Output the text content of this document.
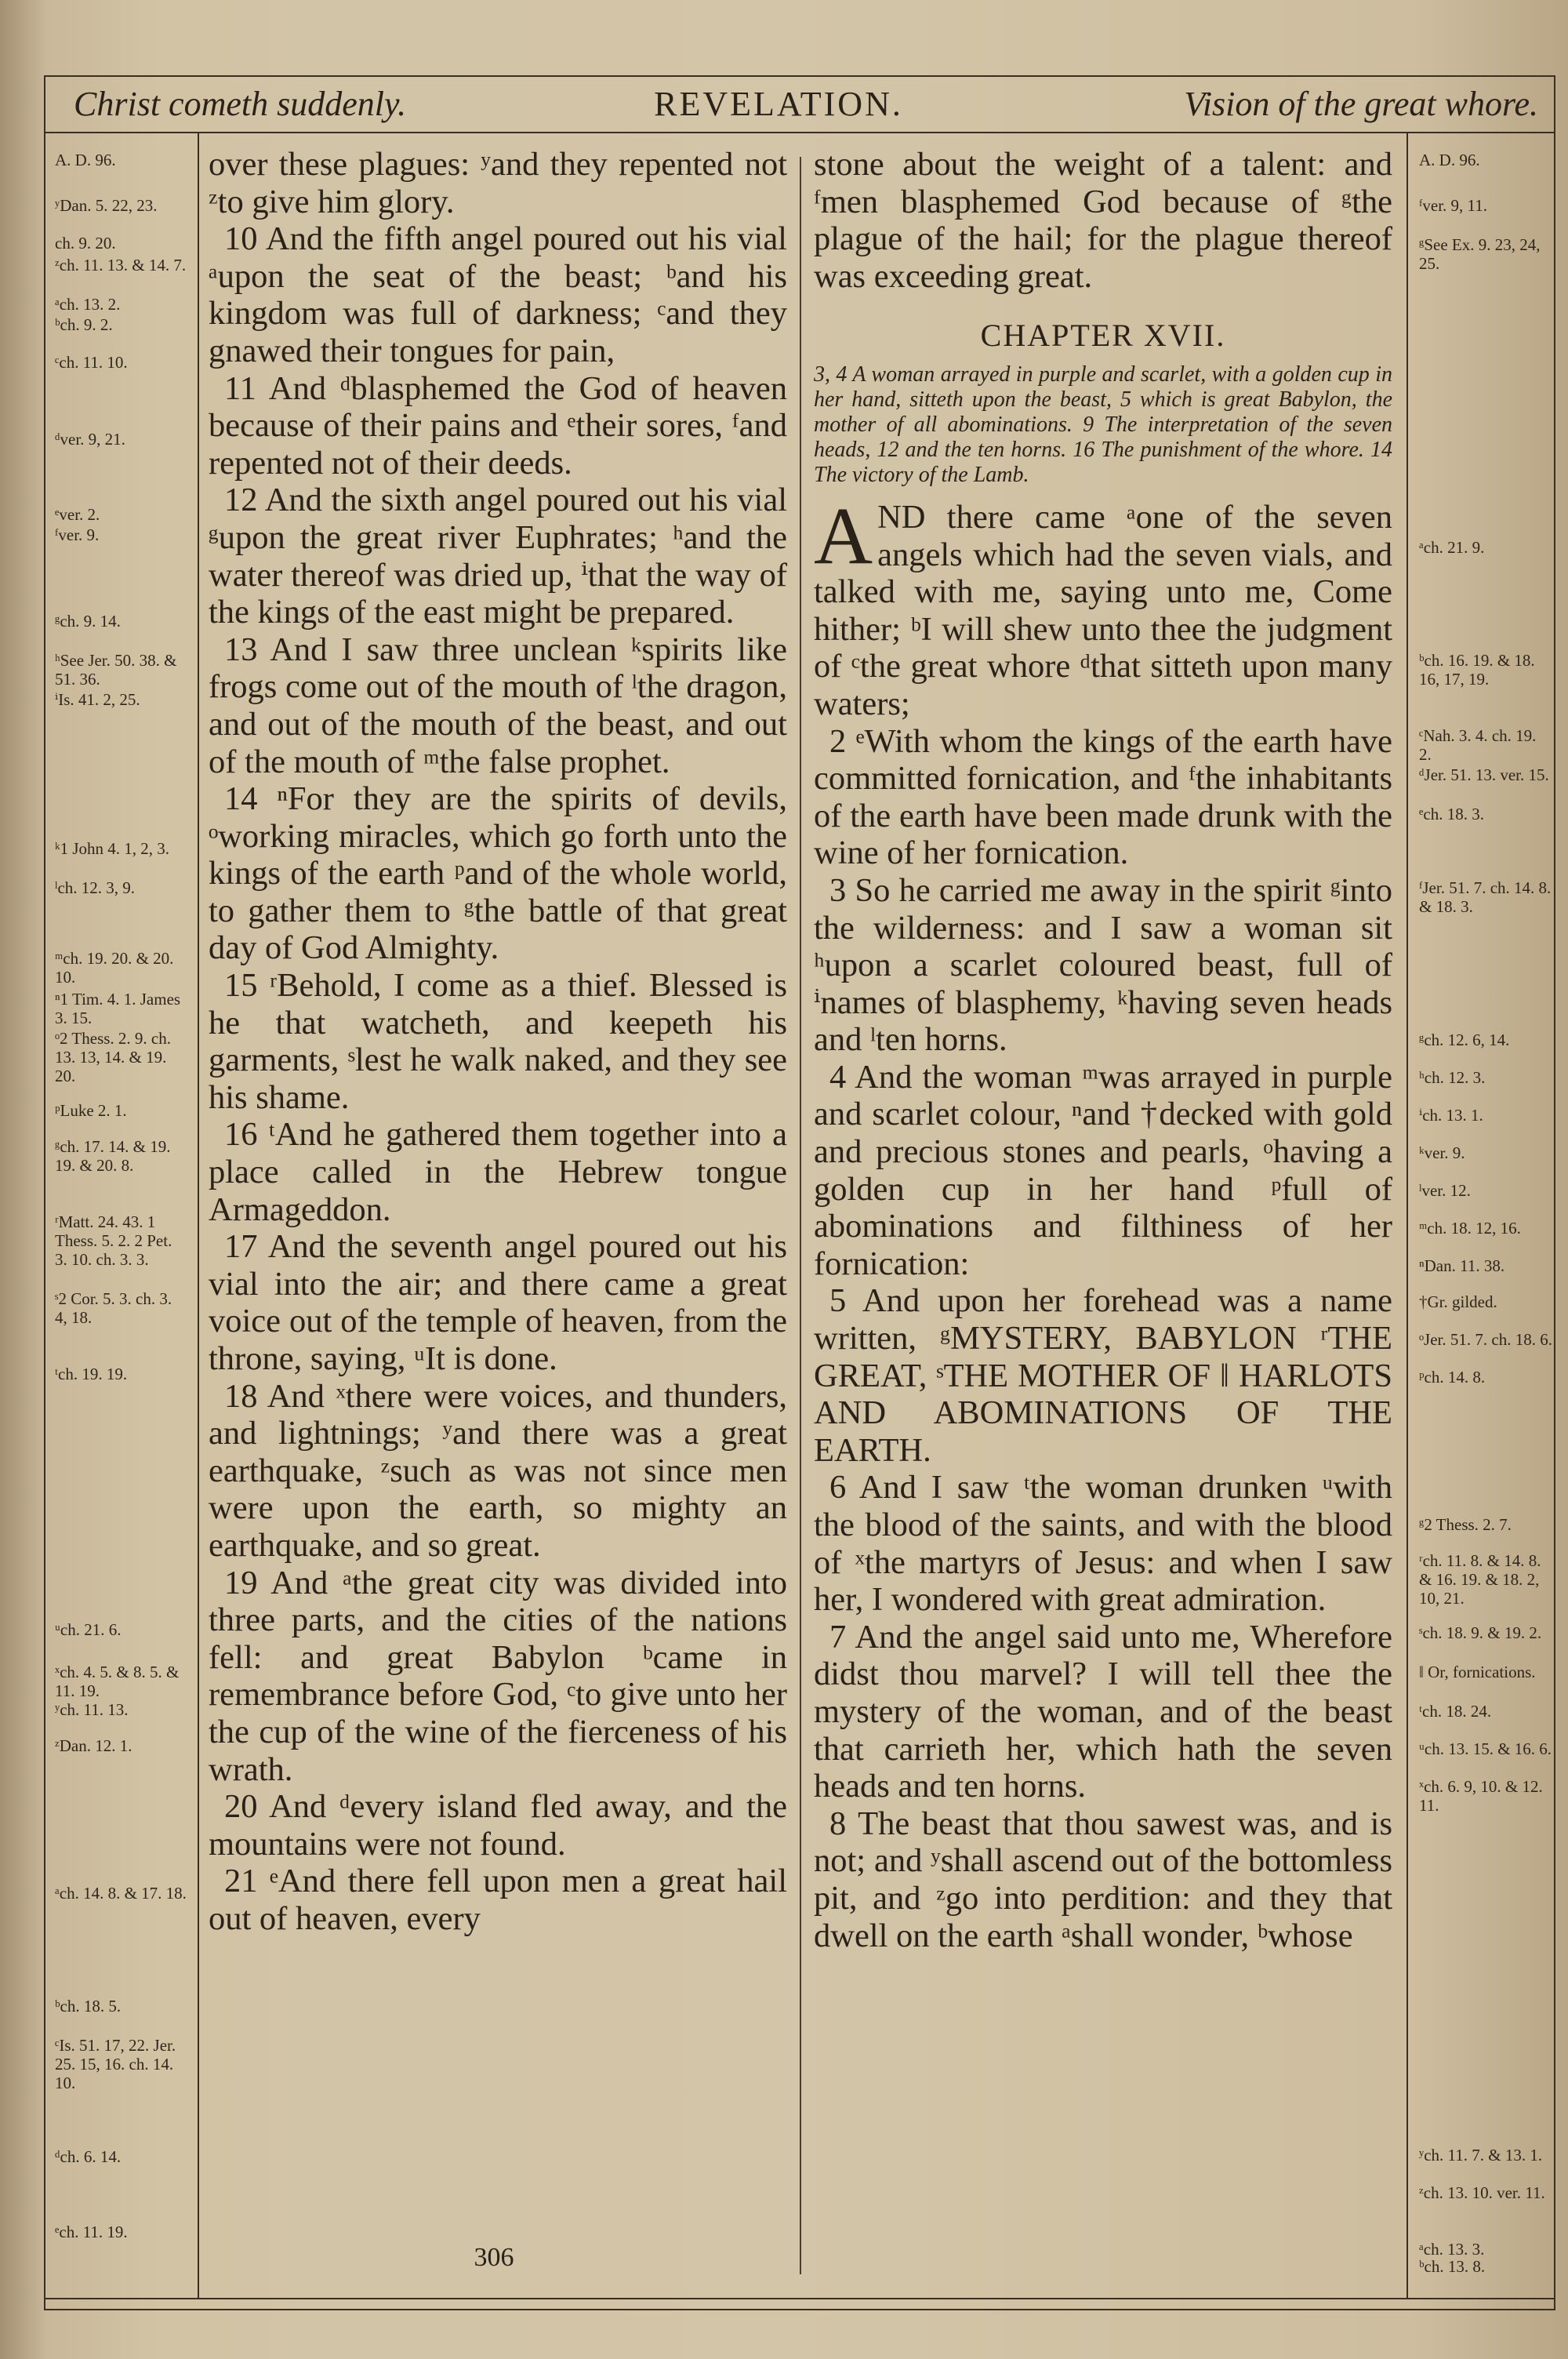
Christ cometh suddenly.	REVELATION.	Vision of the great whore.
A. D. 96.
ʸDan. 5. 22, 23.
ch. 9. 20.
ᶻch. 11. 13. & 14. 7.
ᵃch. 13. 2.
ᵇch. 9. 2.
ᶜch. 11. 10.
ᵈver. 9, 21.
ᵉver. 2.
ᶠver. 9.
ᵍch. 9. 14.
ʰSee Jer. 50. 38. & 51. 36.
ⁱIs. 41. 2, 25.
ᵏ1 John 4. 1, 2, 3.
ˡch. 12. 3, 9.
ᵐch. 19. 20. & 20. 10.
ⁿ1 Tim. 4. 1. James 3. 15.
ᵒ2 Thess. 2. 9. ch. 13. 13, 14. & 19. 20.
ᵖLuke 2. 1.
ᵍch. 17. 14. & 19. 19. & 20. 8.
ʳMatt. 24. 43. 1 Thess. 5. 2. 2 Pet. 3. 10. ch. 3. 3.
ˢ2 Cor. 5. 3. ch. 3. 4, 18.
ᵗch. 19. 19.
ᵘch. 21. 6.
ˣch. 4. 5. & 8. 5. & 11. 19.
ʸch. 11. 13.
ᶻDan. 12. 1.
ᵃch. 14. 8. & 17. 18.
ᵇch. 18. 5.
ᶜIs. 51. 17, 22. Jer. 25. 15, 16. ch. 14. 10.
ᵈch. 6. 14.
ᵉch. 11. 19.
A. D. 96.
ᶠver. 9, 11.
ᵍSee Ex. 9. 23, 24, 25.
ᵃch. 21. 9.
ᵇch. 16. 19. & 18. 16, 17, 19.
ᶜNah. 3. 4. ch. 19. 2.
ᵈJer. 51. 13. ver. 15.
ᵉch. 18. 3.
ᶠJer. 51. 7. ch. 14. 8. & 18. 3.
ᵍch. 12. 6, 14.
ʰch. 12. 3.
ⁱch. 13. 1.
ᵏver. 9.
ˡver. 12.
ᵐch. 18. 12, 16.
ⁿDan. 11. 38.
†Gr. gilded.
ᵒJer. 51. 7. ch. 18. 6.
ᵖch. 14. 8.
ᵍ2 Thess. 2. 7.
ʳch. 11. 8. & 14. 8. & 16. 19. & 18. 2, 10, 21.
ˢch. 18. 9. & 19. 2.
‖ Or, fornications.
ᵗch. 18. 24.
ᵘch. 13. 15. & 16. 6.
ˣch. 6. 9, 10. & 12. 11.
ʸch. 11. 7. & 13. 1.
ᶻch. 13. 10. ver. 11.
ᵃch. 13. 3.
ᵇch. 13. 8.

over these plagues: ʸand they repented not ᶻto give him glory.

10 And the fifth angel poured out his vial ᵃupon the seat of the beast; ᵇand his kingdom was full of darkness; ᶜand they gnawed their tongues for pain,

11 And ᵈblasphemed the God of heaven because of their pains and ᵉtheir sores, ᶠand repented not of their deeds.

12 And the sixth angel poured out his vial ᵍupon the great river Euphrates; ʰand the water thereof was dried up, ⁱthat the way of the kings of the east might be prepared.

13 And I saw three unclean ᵏspirits like frogs come out of the mouth of ˡthe dragon, and out of the mouth of the beast, and out of the mouth of ᵐthe false prophet.

14 ⁿFor they are the spirits of devils, ᵒworking miracles, which go forth unto the kings of the earth ᵖand of the whole world, to gather them to ᵍthe battle of that great day of God Almighty.

15 ʳBehold, I come as a thief. Blessed is he that watcheth, and keepeth his garments, ˢlest he walk naked, and they see his shame.

16 ᵗAnd he gathered them together into a place called in the Hebrew tongue Armageddon.

17 And the seventh angel poured out his vial into the air; and there came a great voice out of the temple of heaven, from the throne, saying, ᵘIt is done.

18 And ˣthere were voices, and thunders, and lightnings; ʸand there was a great earthquake, ᶻsuch as was not since men were upon the earth, so mighty an earthquake, and so great.

19 And ᵃthe great city was divided into three parts, and the cities of the nations fell: and great Babylon ᵇcame in remembrance before God, ᶜto give unto her the cup of the wine of the fierceness of his wrath.

20 And ᵈevery island fled away, and the mountains were not found.

21 ᵉAnd there fell upon men a great hail out of heaven, every

stone about the weight of a talent: and ᶠmen blasphemed God because of ᵍthe plague of the hail; for the plague thereof was exceeding great.

CHAPTER XVII.

3, 4 A woman arrayed in purple and scarlet, with a golden cup in her hand, sitteth upon the beast, 5 which is great Babylon, the mother of all abominations. 9 The interpretation of the seven heads, 12 and the ten horns. 16 The punishment of the whore. 14 The victory of the Lamb.

AND there came ᵃone of the seven angels which had the seven vials, and talked with me, saying unto me, Come hither; ᵇI will shew unto thee the judgment of ᶜthe great whore ᵈthat sitteth upon many waters;

2 ᵉWith whom the kings of the earth have committed fornication, and ᶠthe inhabitants of the earth have been made drunk with the wine of her fornication.

3 So he carried me away in the spirit ᵍinto the wilderness: and I saw a woman sit ʰupon a scarlet coloured beast, full of ⁱnames of blasphemy, ᵏhaving seven heads and ˡten horns.

4 And the woman ᵐwas arrayed in purple and scarlet colour, ⁿand †decked with gold and precious stones and pearls, ᵒhaving a golden cup in her hand ᵖfull of abominations and filthiness of her fornication:

5 And upon her forehead was a name written, ᵍMYSTERY, BABYLON ʳTHE GREAT, ˢTHE MOTHER OF ‖ HARLOTS AND ABOMINATIONS OF THE EARTH.

6 And I saw ᵗthe woman drunken ᵘwith the blood of the saints, and with the blood of ˣthe martyrs of Jesus: and when I saw her, I wondered with great admiration.

7 And the angel said unto me, Wherefore didst thou marvel? I will tell thee the mystery of the woman, and of the beast that carrieth her, which hath the seven heads and ten horns.

8 The beast that thou sawest was, and is not; and ʸshall ascend out of the bottomless pit, and ᶻgo into perdition: and they that dwell on the earth ᵃshall wonder, ᵇwhose

306
